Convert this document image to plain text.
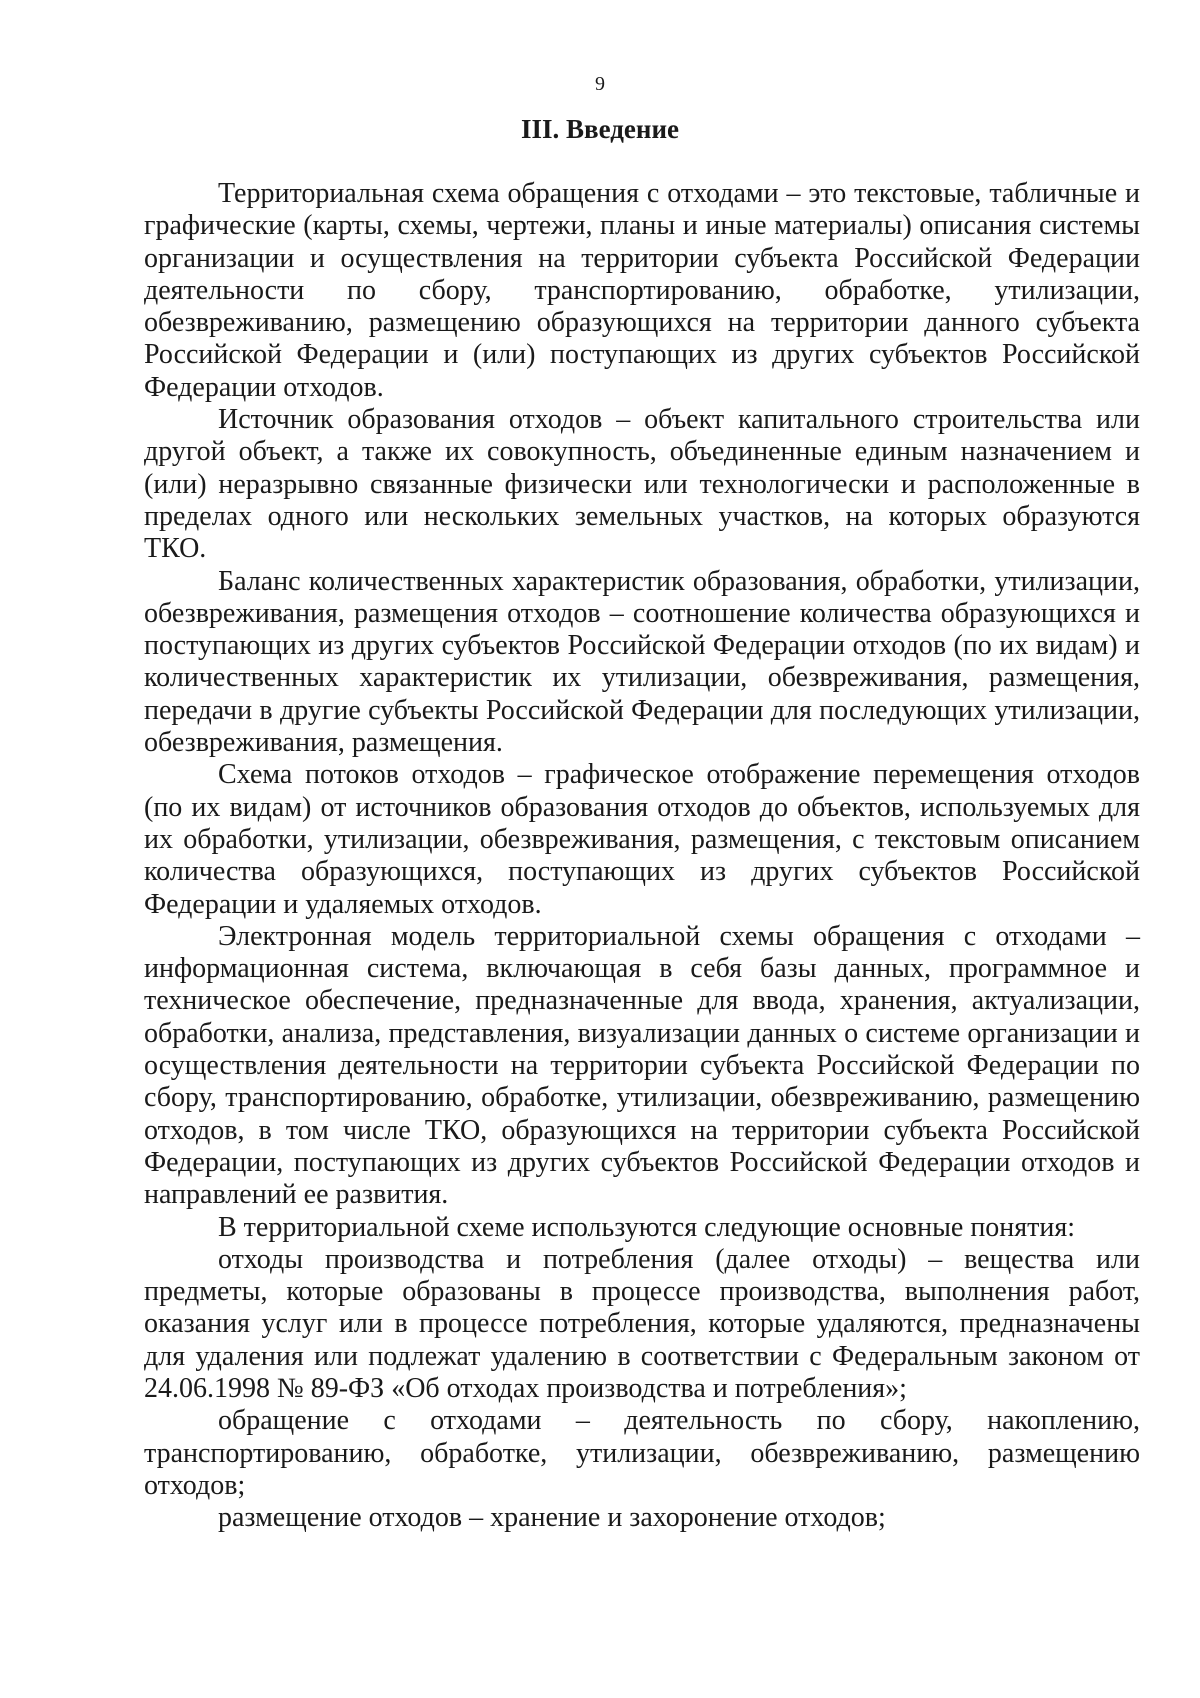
9
III. Введение

Территориальная схема обращения с отходами – это текстовые, табличные и графические (карты, схемы, чертежи, планы и иные материалы) описания системы организации и осуществления на территории субъекта Российской Федерации деятельности по сбору, транспортированию, обработке, утилизации, обезвреживанию, размещению образующихся на территории данного субъекта Российской Федерации и (или) поступающих из других субъектов Российской Федерации отходов.

Источник образования отходов – объект капитального строительства или другой объект, а также их совокупность, объединенные единым назначением и (или) неразрывно связанные физически или технологически и расположенные в пределах одного или нескольких земельных участков, на которых образуются ТКО.

Баланс количественных характеристик образования, обработки, утилизации, обезвреживания, размещения отходов – соотношение количества образующихся и поступающих из других субъектов Российской Федерации отходов (по их видам) и количественных характеристик их утилизации, обезвреживания, размещения, передачи в другие субъекты Российской Федерации для последующих утилизации, обезвреживания, размещения.

Схема потоков отходов – графическое отображение перемещения отходов (по их видам) от источников образования отходов до объектов, используемых для их обработки, утилизации, обезвреживания, размещения, с текстовым описанием количества образующихся, поступающих из других субъектов Российской Федерации и удаляемых отходов.

Электронная модель территориальной схемы обращения с отходами – информационная система, включающая в себя базы данных, программное и техническое обеспечение, предназначенные для ввода, хранения, актуализации, обработки, анализа, представления, визуализации данных о системе организации и осуществления деятельности на территории субъекта Российской Федерации по сбору, транспортированию, обработке, утилизации, обезвреживанию, размещению отходов, в том числе ТКО, образующихся на территории субъекта Российской Федерации, поступающих из других субъектов Российской Федерации отходов и направлений ее развития.

В территориальной схеме используются следующие основные понятия:

отходы производства и потребления (далее отходы) – вещества или предметы, которые образованы в процессе производства, выполнения работ, оказания услуг или в процессе потребления, которые удаляются, предназначены для удаления или подлежат удалению в соответствии с Федеральным законом от 24.06.1998 № 89-ФЗ «Об отходах производства и потребления»;

обращение с отходами – деятельность по сбору, накоплению, транспортированию, обработке, утилизации, обезвреживанию, размещению отходов;

размещение отходов – хранение и захоронение отходов;
